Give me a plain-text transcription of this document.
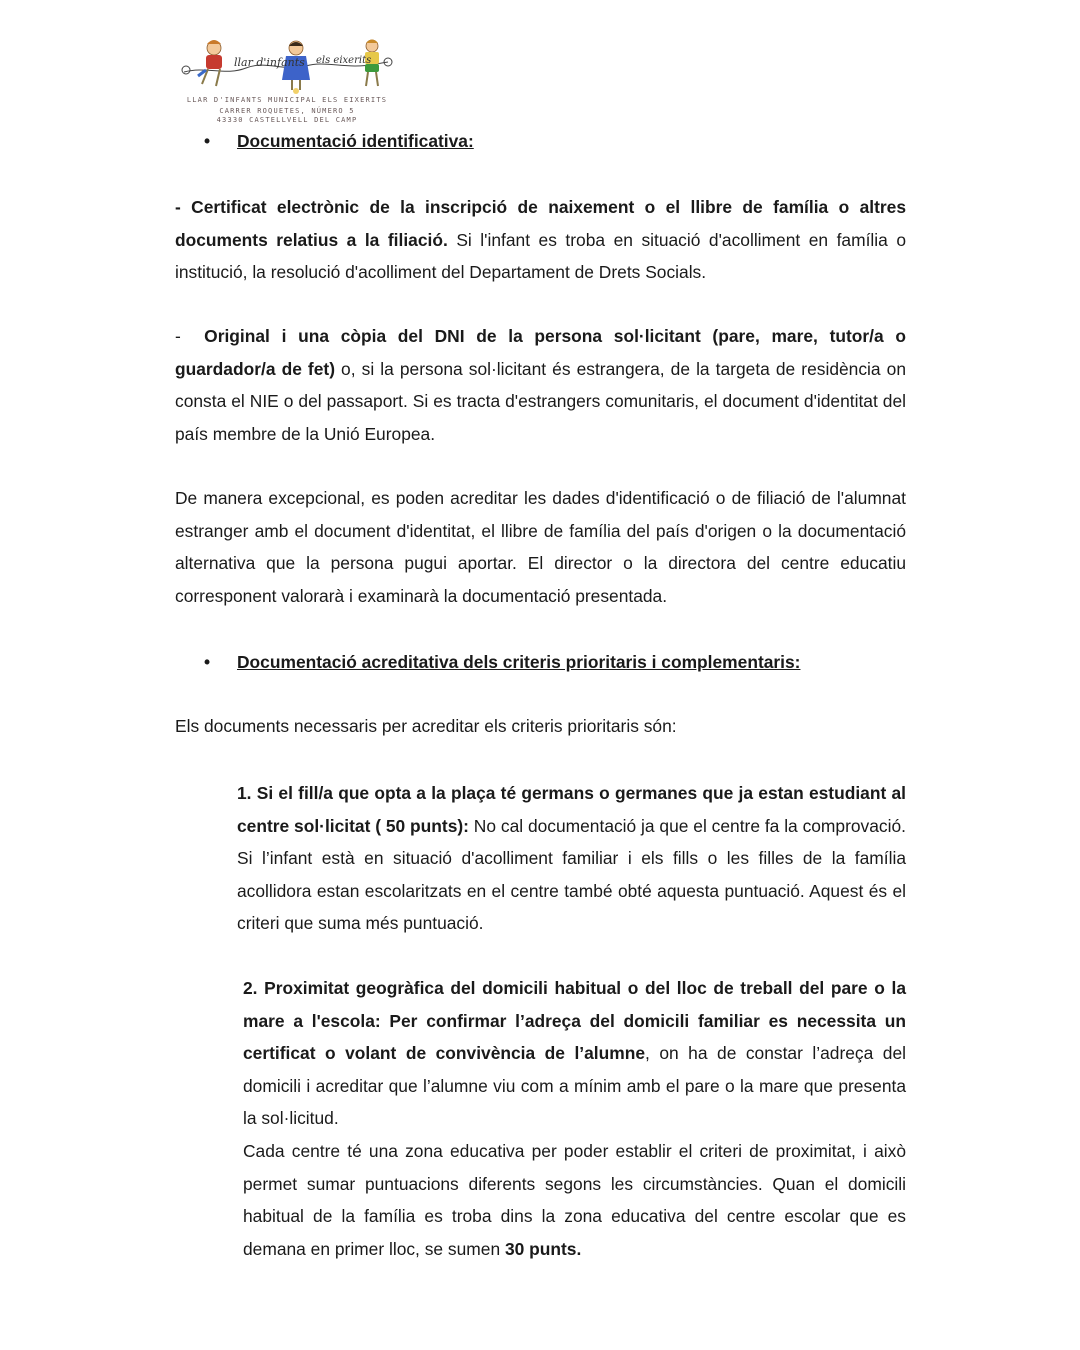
llar d'infants els eixerits
LLAR D'INFANTS MUNICIPAL ELS EIXERITS
CARRER ROQUETES, NÚMERO 5
43330 CASTELLVELL DEL CAMP
• Documentació identificativa:
- Certificat electrònic de la inscripció de naixement o el llibre de família o altres documents relatius a la filiació. Si l'infant es troba en situació d'acolliment en família o institució, la resolució d'acolliment del Departament de Drets Socials.
-  Original i una còpia del DNI de la persona sol·licitant (pare, mare, tutor/a o guardador/a de fet) o, si la persona sol·licitant és estrangera, de la targeta de residència on consta el NIE o del passaport. Si es tracta d'estrangers comunitaris, el document d'identitat del país membre de la Unió Europea.
De manera excepcional, es poden acreditar les dades d'identificació o de filiació de l'alumnat estranger amb el document d'identitat, el llibre de família del país d'origen o la documentació alternativa que la persona pugui aportar. El director o la directora del centre educatiu corresponent valorarà i examinarà la documentació presentada.
• Documentació acreditativa dels criteris prioritaris i complementaris:
Els documents necessaris per acreditar els criteris prioritaris són:
1. Si el fill/a que opta a la plaça té germans o germanes que ja estan estudiant al centre sol·licitat ( 50 punts): No cal documentació ja que el centre fa la comprovació. Si l’infant està en situació d'acolliment familiar i els fills o les filles de la família acollidora estan escolaritzats en el centre també obté aquesta puntuació. Aquest és el criteri que suma més puntuació.
2. Proximitat geogràfica del domicili habitual o del lloc de treball del pare o la mare a l'escola: Per confirmar l’adreça del domicili familiar es necessita un certificat o volant de convivència de l’alumne, on ha de constar l’adreça del domicili i acreditar que l’alumne viu com a mínim amb el pare o la mare que presenta la sol·licitud.
Cada centre té una zona educativa per poder establir el criteri de proximitat, i això permet sumar puntuacions diferents segons les circumstàncies. Quan el domicili habitual de la família es troba dins la zona educativa del centre escolar que es demana en primer lloc, se sumen 30 punts.
